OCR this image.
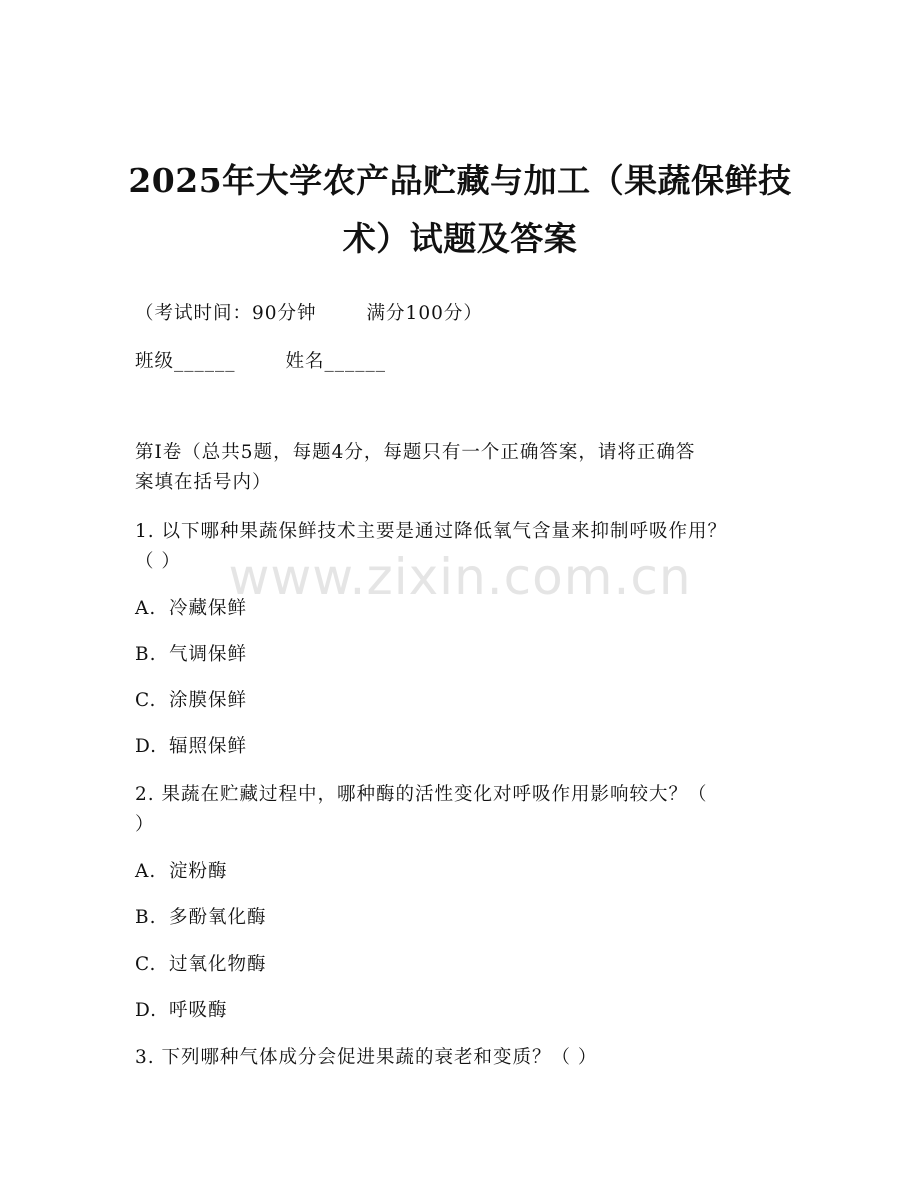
2025年大学农产品贮藏与加工（果蔬保鲜技
术）试题及答案
（考试时间：90分钟	满分100分）
班级______	姓名______
第Ⅰ卷（总共5题，每题4分，每题只有一个正确答案，请将正确答
案填在括号内）
1. 以下哪种果蔬保鲜技术主要是通过降低氧气含量来抑制呼吸作用？
（ ）
A. 冷藏保鲜
B. 气调保鲜
C. 涂膜保鲜
D. 辐照保鲜
2. 果蔬在贮藏过程中，哪种酶的活性变化对呼吸作用影响较大？（
）
A. 淀粉酶
B. 多酚氧化酶
C. 过氧化物酶
D. 呼吸酶
3. 下列哪种气体成分会促进果蔬的衰老和变质？（ ）
www.zixin.com.cn
